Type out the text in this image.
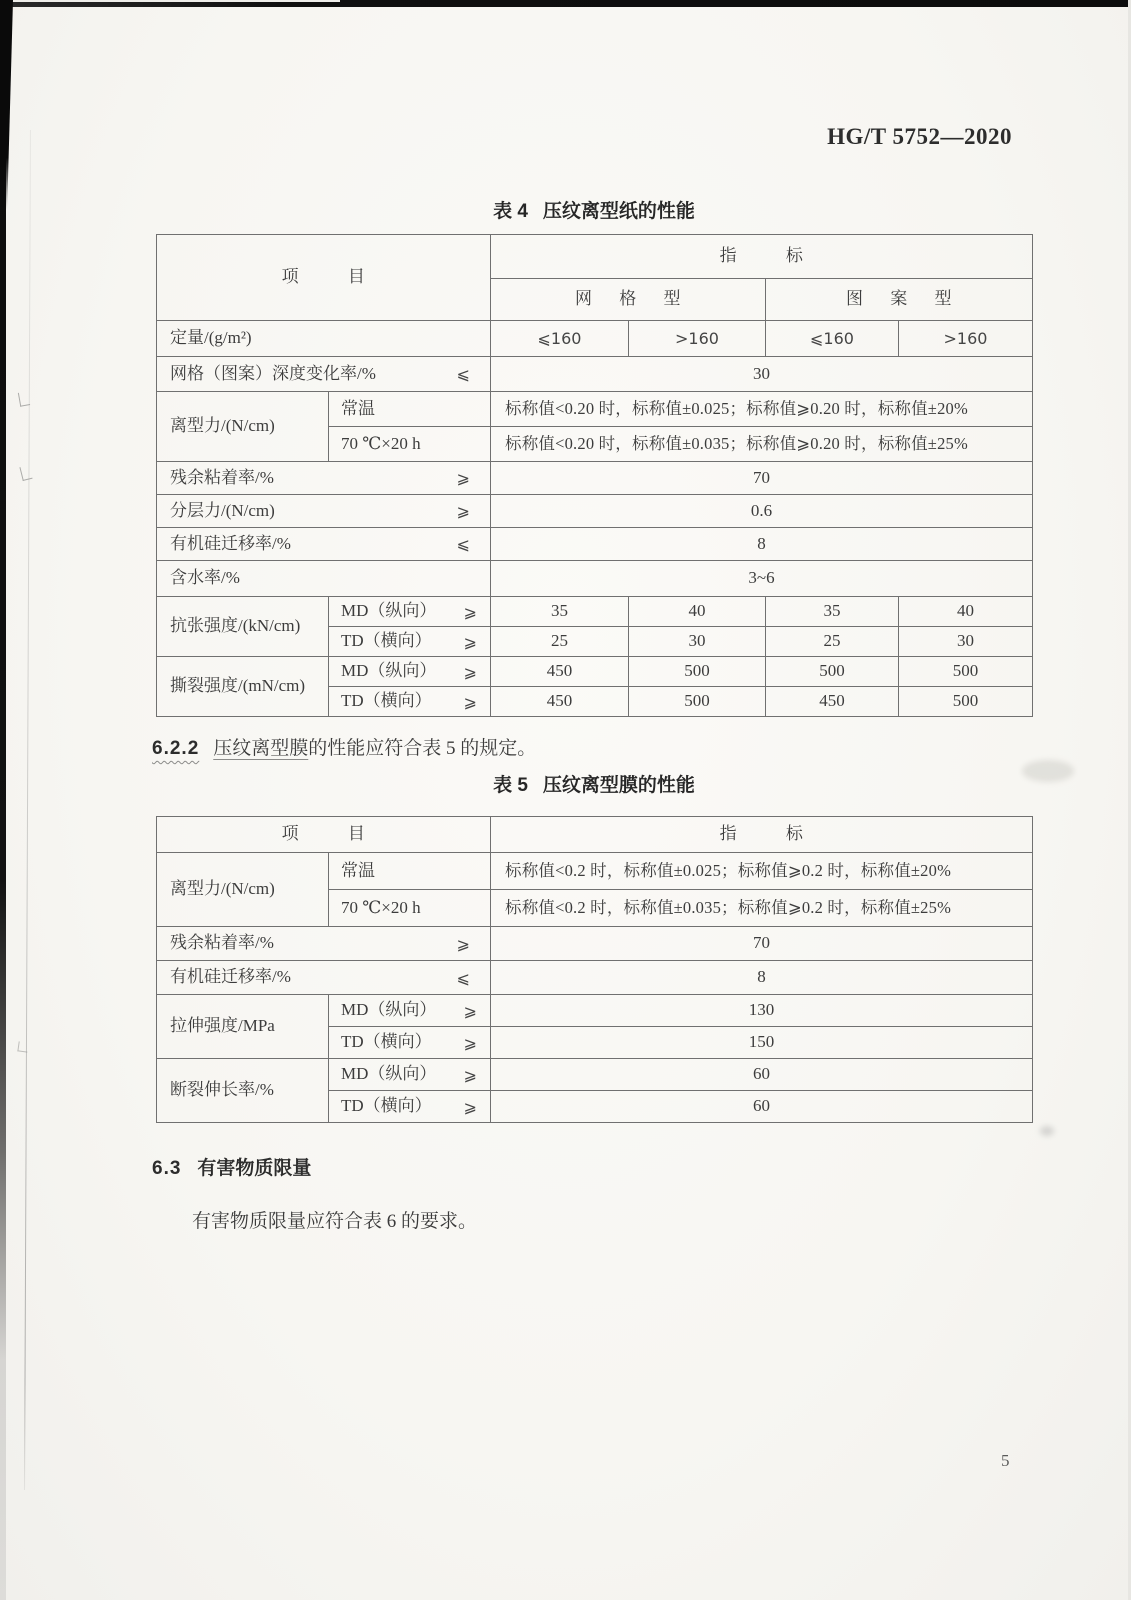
HG/T 5752—2020
表 4 压纹离型纸的性能
项 目		指 标			
		网 格 型		图 案 型	
定量/(g/m²)		⩽160	>160	⩽160	>160
网格（图案）深度变化率/% ⩽		30			
离型力/(N/cm)	常温	标称值<0.20 时，标称值±0.025；标称值⩾0.20 时，标称值±20%			
	70 ℃×20 h	标称值<0.20 时，标称值±0.035；标称值⩾0.20 时，标称值±25%			
残余粘着率/% ⩾		70			
分层力/(N/cm) ⩾		0.6			
有机硅迁移率/% ⩽		8			
含水率/%		3~6			
抗张强度/(kN/cm)	MD（纵向） ⩾	35	40	35	40
	TD（横向） ⩾	25	30	25	30
撕裂强度/(mN/cm)	MD（纵向） ⩾	450	500	500	500
	TD（横向） ⩾	450	500	450	500
6.2.2 压纹离型膜的性能应符合表 5 的规定。
表 5 压纹离型膜的性能
项 目		指 标
离型力/(N/cm)	常温	标称值<0.2 时，标称值±0.025；标称值⩾0.2 时，标称值±20%
	70 ℃×20 h	标称值<0.2 时，标称值±0.035；标称值⩾0.2 时，标称值±25%
残余粘着率/% ⩾		70
有机硅迁移率/% ⩽		8
拉伸强度/MPa	MD（纵向） ⩾	130
	TD（横向） ⩾	150
断裂伸长率/%	MD（纵向） ⩾	60
	TD（横向） ⩾	60
6.3 有害物质限量
有害物质限量应符合表 6 的要求。
5
